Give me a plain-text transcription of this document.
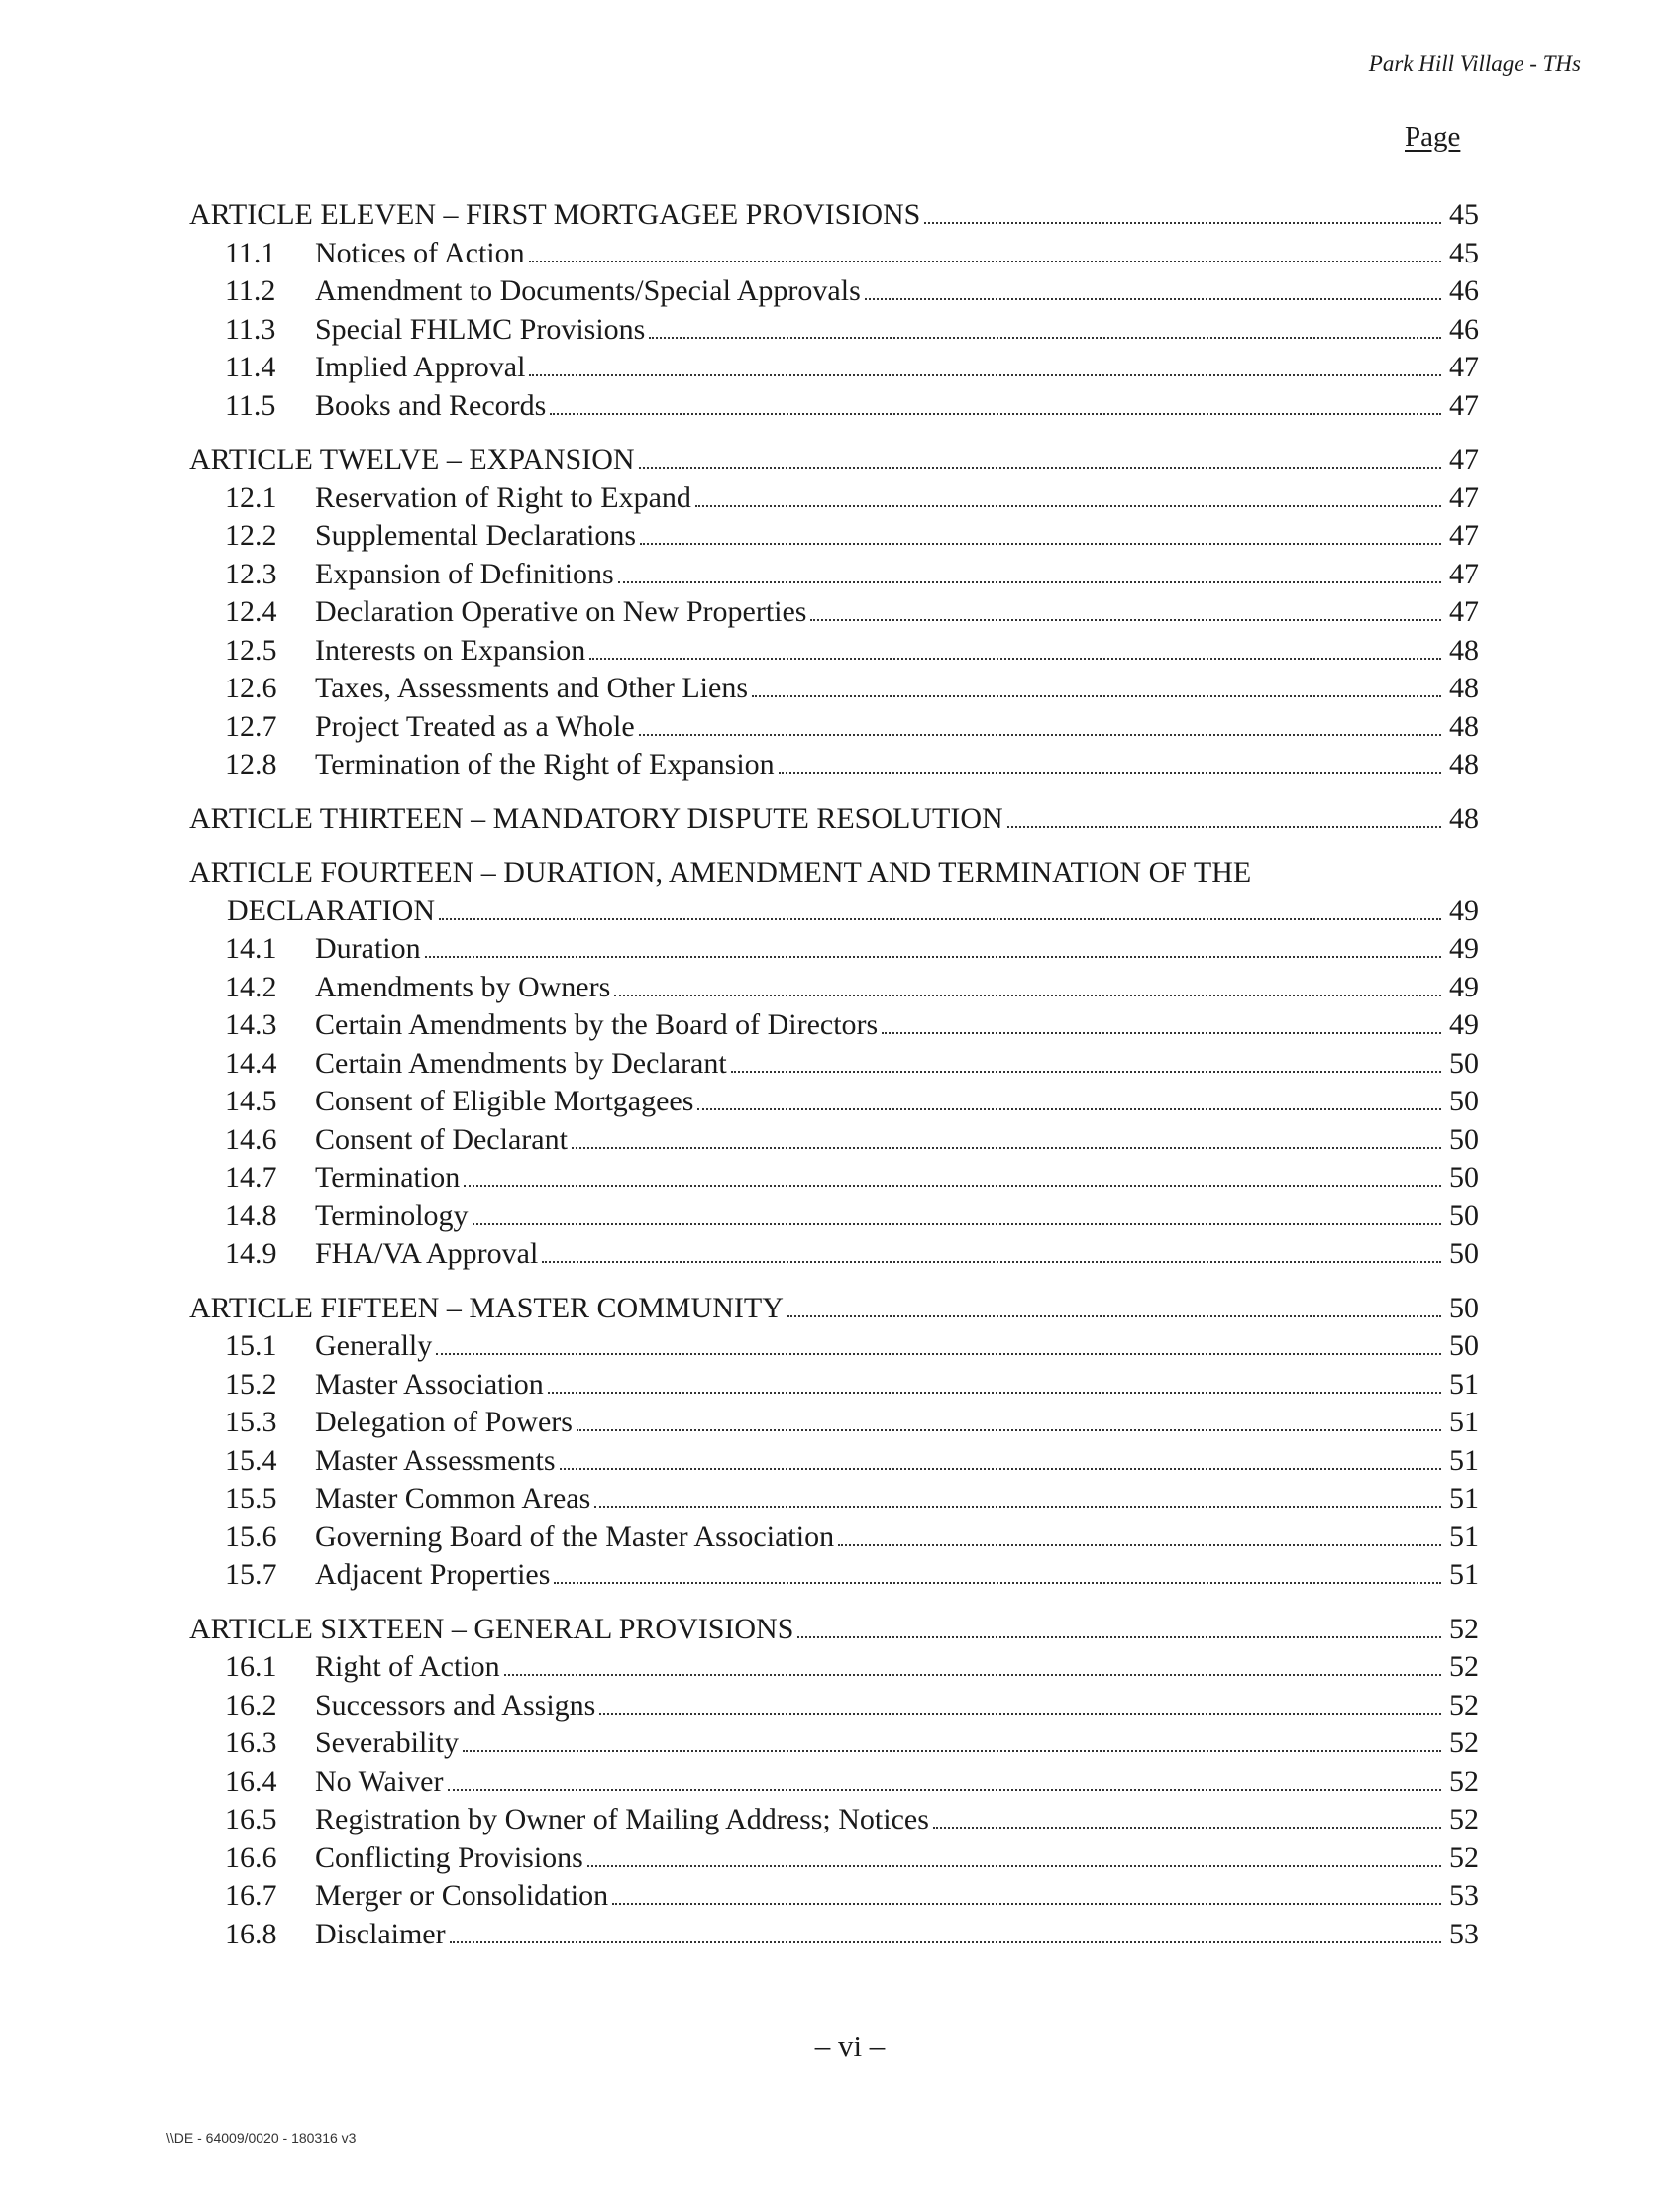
Park Hill Village - THs
Page
ARTICLE ELEVEN – FIRST MORTGAGEE PROVISIONS	45
11.1	Notices of Action	45
11.2	Amendment to Documents/Special Approvals	46
11.3	Special FHLMC Provisions	46
11.4	Implied Approval	47
11.5	Books and Records	47
ARTICLE TWELVE – EXPANSION	47
12.1	Reservation of Right to Expand	47
12.2	Supplemental Declarations	47
12.3	Expansion of Definitions	47
12.4	Declaration Operative on New Properties	47
12.5	Interests on Expansion	48
12.6	Taxes, Assessments and Other Liens	48
12.7	Project Treated as a Whole	48
12.8	Termination of the Right of Expansion	48
ARTICLE THIRTEEN – MANDATORY DISPUTE RESOLUTION	48
ARTICLE FOURTEEN – DURATION, AMENDMENT AND TERMINATION OF THE
DECLARATION	49
14.1	Duration	49
14.2	Amendments by Owners	49
14.3	Certain Amendments by the Board of Directors	49
14.4	Certain Amendments by Declarant	50
14.5	Consent of Eligible Mortgagees	50
14.6	Consent of Declarant	50
14.7	Termination	50
14.8	Terminology	50
14.9	FHA/VA Approval	50
ARTICLE FIFTEEN – MASTER COMMUNITY	50
15.1	Generally	50
15.2	Master Association	51
15.3	Delegation of Powers	51
15.4	Master Assessments	51
15.5	Master Common Areas	51
15.6	Governing Board of the Master Association	51
15.7	Adjacent Properties	51
ARTICLE SIXTEEN – GENERAL PROVISIONS	52
16.1	Right of Action	52
16.2	Successors and Assigns	52
16.3	Severability	52
16.4	No Waiver	52
16.5	Registration by Owner of Mailing Address; Notices	52
16.6	Conflicting Provisions	52
16.7	Merger or Consolidation	53
16.8	Disclaimer	53
– vi –
\\DE - 64009/0020 - 180316 v3
